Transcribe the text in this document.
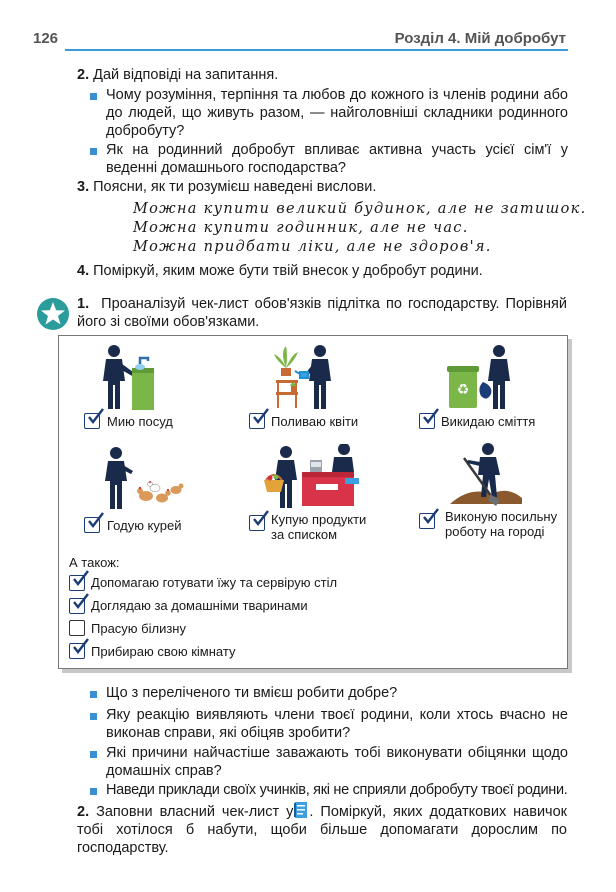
126	Розділ 4. Мій добробут
2. Дай відповіді на запитання.
Чому розуміння, терпіння та любов до кожного із членів родини або до людей, що живуть разом, — найголовніші складники родинного добробуту?
Як на родинний добробут впливає активна участь усієї сім'ї у веденні домашнього господарства?
3. Поясни, як ти розумієш наведені вислови.
Можна купити великий будинок, але не затишок.
Можна купити годинник, але не час.
Можна придбати ліки, але не здоров'я.
4. Поміркуй, яким може бути твій внесок у добробут родини.
1. Проаналізуй чек-лист обов'язків підлітка по господарству. Порівняй його зі своїми обов'язками.
♻
Мию посуд	Поливаю квіти	Викидаю сміття
Годую курей	Купую продукти
за списком
Виконую посильну
роботу на городі
А також:
Допомагаю готувати їжу та сервірую стіл
Доглядаю за домашніми тваринами
Прасую білизну
Прибираю свою кімнату
Що з переліченого ти вмієш робити добре?
Яку реакцію виявляють члени твоєї родини, коли хтось вчасно не виконав справи, які обіцяв зробити?
Які причини найчастіше заважають тобі виконувати обіцянки щодо домашніх справ?
Наведи приклади своїх учинків, які не сприяли добробуту твоєї родини.
2. Заповни власний чек-лист у . Поміркуй, яких додаткових навичок тобі хотілося б набути, щоби більше допомагати дорослим по господарству.
